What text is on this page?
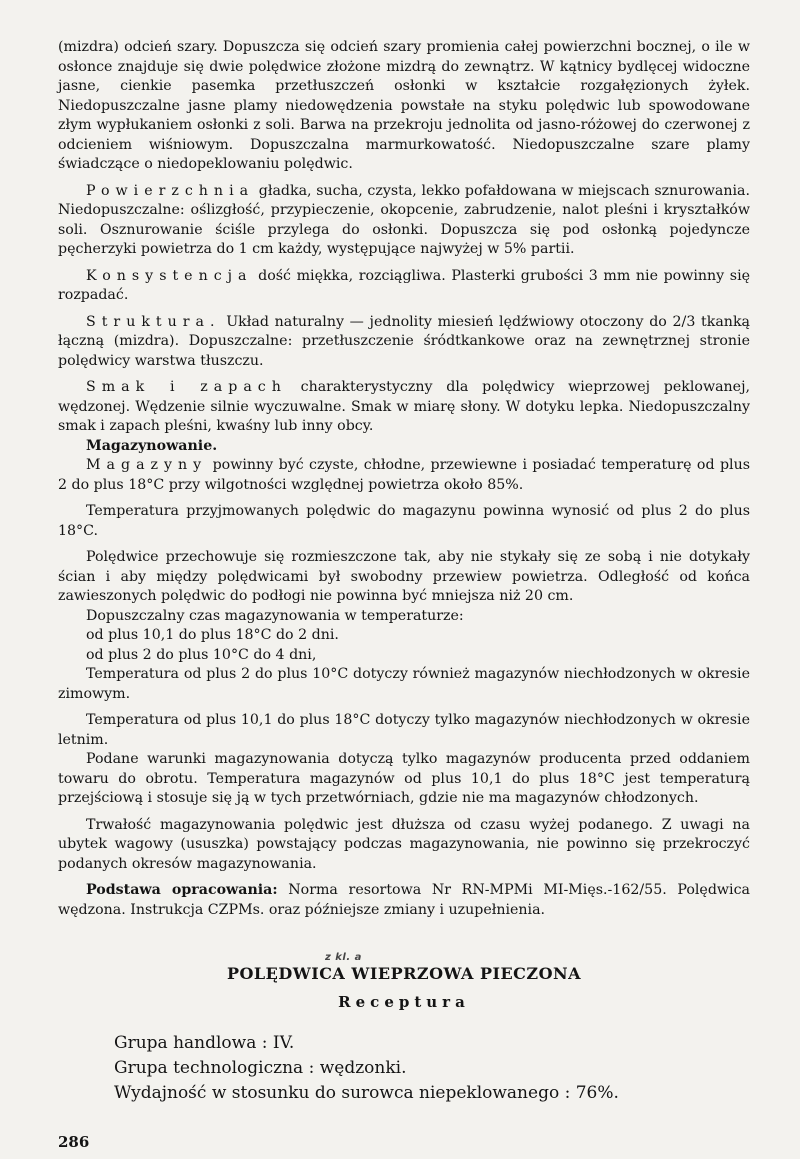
(mizdra) odcień szary. Dopuszcza się odcień szary promienia całej powierzchni bocznej, o ile w osłonce znajduje się dwie polędwice złożone mizdrą do zewnątrz. W kątnicy bydlęcej widoczne jasne, cienkie pasemka przetłuszczeń osłonki w kształcie rozgałęzionych żyłek. Niedopuszczalne jasne plamy niedowędzenia powstałe na styku polędwic lub spowodowane złym wypłukaniem osłonki z soli. Barwa na przekroju jednolita od jasno-różowej do czerwonej z odcieniem wiśniowym. Dopuszczalna marmurkowatość. Niedopuszczalne szare plamy świadczące o niedopeklowaniu polędwic.

Powierzchnia gładka, sucha, czysta, lekko pofałdowana w miejscach sznurowania. Niedopuszczalne: oślizgłość, przypieczenie, okopcenie, zabrudzenie, nalot pleśni i kryształków soli. Osznurowanie ściśle przylega do osłonki. Dopuszcza się pod osłonką pojedyncze pęcherzyki powietrza do 1 cm każdy, występujące najwyżej w 5% partii.

Konsystencja dość miękka, rozciągliwa. Plasterki grubości 3 mm nie powinny się rozpadać.

Struktura. Układ naturalny — jednolity miesień lędźwiowy otoczony do 2/3 tkanką łączną (mizdra). Dopuszczalne: przetłuszczenie śródtkankowe oraz na zewnętrznej stronie polędwicy warstwa tłuszczu.

Smak i zapach charakterystyczny dla polędwicy wieprzowej peklowanej, wędzonej. Wędzenie silnie wyczuwalne. Smak w miarę słony. W dotyku lepka. Niedopuszczalny smak i zapach pleśni, kwaśny lub inny obcy.

Magazynowanie.

Magazyny powinny być czyste, chłodne, przewiewne i posiadać temperaturę od plus 2 do plus 18°C przy wilgotności względnej powietrza około 85%.

Temperatura przyjmowanych polędwic do magazynu powinna wynosić od plus 2 do plus 18°C.

Polędwice przechowuje się rozmieszczone tak, aby nie stykały się ze sobą i nie dotykały ścian i aby między polędwicami był swobodny przewiew powietrza. Odległość od końca zawieszonych polędwic do podłogi nie powinna być mniejsza niż 20 cm.

Dopuszczalny czas magazynowania w temperaturze:

od plus 10,1 do plus 18°C do 2 dni.

od plus 2 do plus 10°C do 4 dni,

Temperatura od plus 2 do plus 10°C dotyczy również magazynów niechłodzonych w okresie zimowym.

Temperatura od plus 10,1 do plus 18°C dotyczy tylko magazynów niechłodzonych w okresie letnim.

Podane warunki magazynowania dotyczą tylko magazynów producenta przed oddaniem towaru do obrotu. Temperatura magazynów od plus 10,1 do plus 18°C jest temperaturą przejściową i stosuje się ją w tych przetwórniach, gdzie nie ma magazynów chłodzonych.

Trwałość magazynowania polędwic jest dłuższa od czasu wyżej podanego. Z uwagi na ubytek wagowy (ususzka) powstający podczas magazynowania, nie powinno się przekroczyć podanych okresów magazynowania.

Podstawa opracowania: Norma resortowa Nr RN-MPMi MI-Mięs.-162/55. Polędwica wędzona. Instrukcja CZPMs. oraz późniejsze zmiany i uzupełnienia.

POLĘDWICA WIEPRZOWA PIECZONA
z kl. a
Receptura
Grupa handlowa : IV.
Grupa technologiczna : wędzonki.
Wydajność w stosunku do surowca niepeklowanego : 76%.
286
